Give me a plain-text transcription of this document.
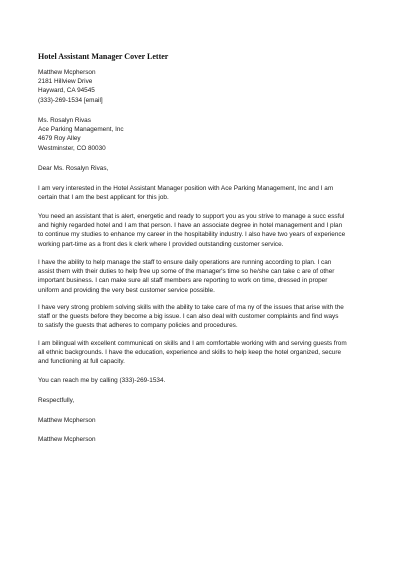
Hotel Assistant Manager Cover Letter
Matthew Mcpherson
2181 Hillview Drive
Hayward, CA 94545
(333)-269-1534 [email]
Ms. Rosalyn Rivas
Ace Parking Management, Inc
4679 Roy Alley
Westminster, CO 80030
Dear Ms. Rosalyn Rivas,
I am very interested in the Hotel Assistant Manager position with Ace Parking Management, Inc and I am
certain that I am the best applicant for this job.
You need an assistant that is alert, energetic and ready to support you as you strive to manage a succ essful
and highly regarded hotel and I am that person. I have an associate degree in hotel management and I plan
to continue my studies to enhance my career in the hospitability industry. I also have two years of experience
working part-time as a front des k clerk where I provided outstanding customer service.
I have the ability to help manage the staff to ensure daily operations are running according to plan. I can
assist them with their duties to help free up some of the manager's time so he/she can take c are of other
important business. I can make sure all staff members are reporting to work on time, dressed in proper
uniform and providing the very best customer service possible.
I have very strong problem solving skills with the ability to take care of ma ny of the issues that arise with the
staff or the guests before they become a big issue. I can also deal with customer complaints and find ways
to satisfy the guests that adheres to company policies and procedures.
I am bilingual with excellent communicati on skills and I am comfortable working with and serving guests from
all ethnic backgrounds. I have the education, experience and skills to help keep the hotel organized, secure
and functioning at full capacity.
You can reach me by calling (333)-269-1534.
Respectfully,
Matthew Mcpherson
Matthew Mcpherson
